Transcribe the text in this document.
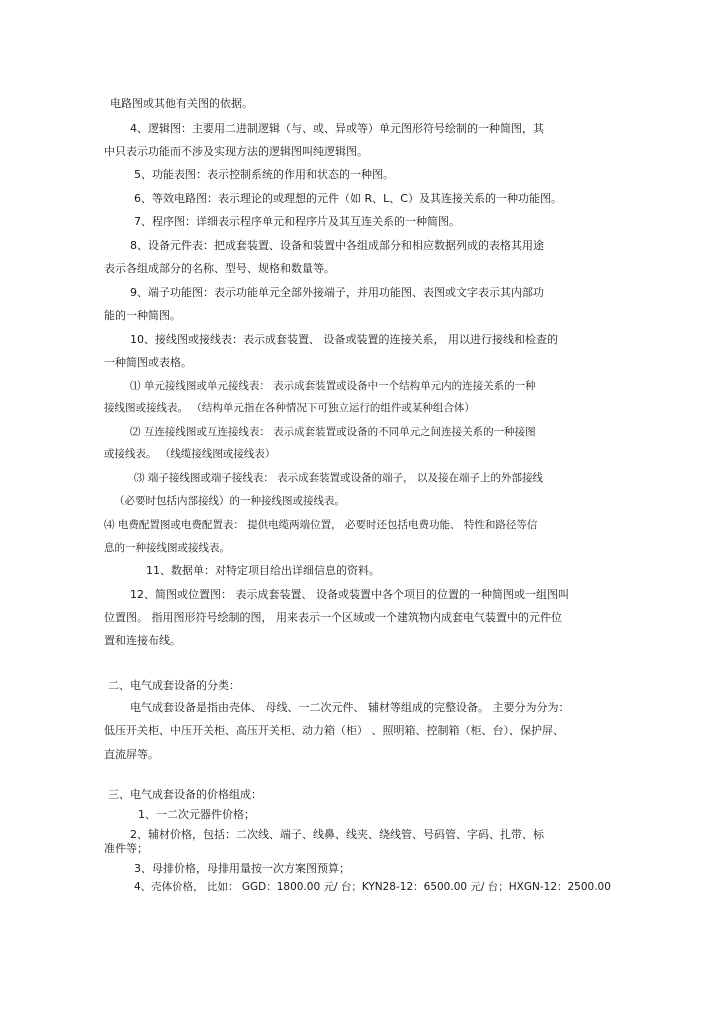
电路图或其他有关图的依据。
4、逻辑图：主要用二进制逻辑（与、或、异或等）单元图形符号绘制的一种简图，其
中只表示功能而不涉及实现方法的逻辑图叫纯逻辑图。
5、功能表图：表示控制系统的作用和状态的一种图。
6、等效电路图：表示理论的或理想的元件（如 R、L、C）及其连接关系的一种功能图。
7、程序图：详细表示程序单元和程序片及其互连关系的一种简图。
8、设备元件表：把成套装置、设备和装置中各组成部分和相应数据列成的表格其用途
表示各组成部分的名称、型号、规格和数量等。
9、端子功能图：表示功能单元全部外接端子，并用功能图、表图或文字表示其内部功
能的一种简图。
10、接线图或接线表：表示成套装置、 设备或装置的连接关系， 用以进行接线和检查的
一种简图或表格。
⑴ 单元接线图或单元接线表： 表示成套装置或设备中一个结构单元内的连接关系的一种
接线图或接线表。 （结构单元指在各种情况下可独立运行的组件或某种组合体）
⑵ 互连接线图或互连接线表： 表示成套装置或设备的不同单元之间连接关系的一种接图
或接线表。 （线缆接线图或接线表）
⑶ 端子接线图或端子接线表： 表示成套装置或设备的端子， 以及接在端子上的外部接线
（必要时包括内部接线）的一种接线图或接线表。
⑷ 电费配置图或电费配置表： 提供电缆两端位置， 必要时还包括电费功能、 特性和路径等信
息的一种接线图或接线表。
11、数据单：对特定项目给出详细信息的资料。
12、简图或位置图： 表示成套装置、 设备或装置中各个项目的位置的一种简图或一组图叫
位置图。 指用图形符号绘制的图， 用来表示一个区域或一个建筑物内成套电气装置中的元件位
置和连接布线。
二、电气成套设备的分类：
电气成套设备是指由壳体、 母线、一二次元件、 辅材等组成的完整设备。 主要分为分为：
低压开关柜、中压开关柜、高压开关柜、动力箱（柜） 、照明箱、控制箱（柜、台）、保护屏、
直流屏等。
三、电气成套设备的价格组成：
1、一二次元器件价格；
2、辅材价格，包括：二次线、端子、线鼻、线夹、绕线管、号码管、字码、扎带、标
准件等；
3、母排价格，母排用量按一次方案图预算；
4、壳体价格， 比如： GGD：1800.00 元/ 台；KYN28-12：6500.00 元/ 台；HXGN-12：2500.00
